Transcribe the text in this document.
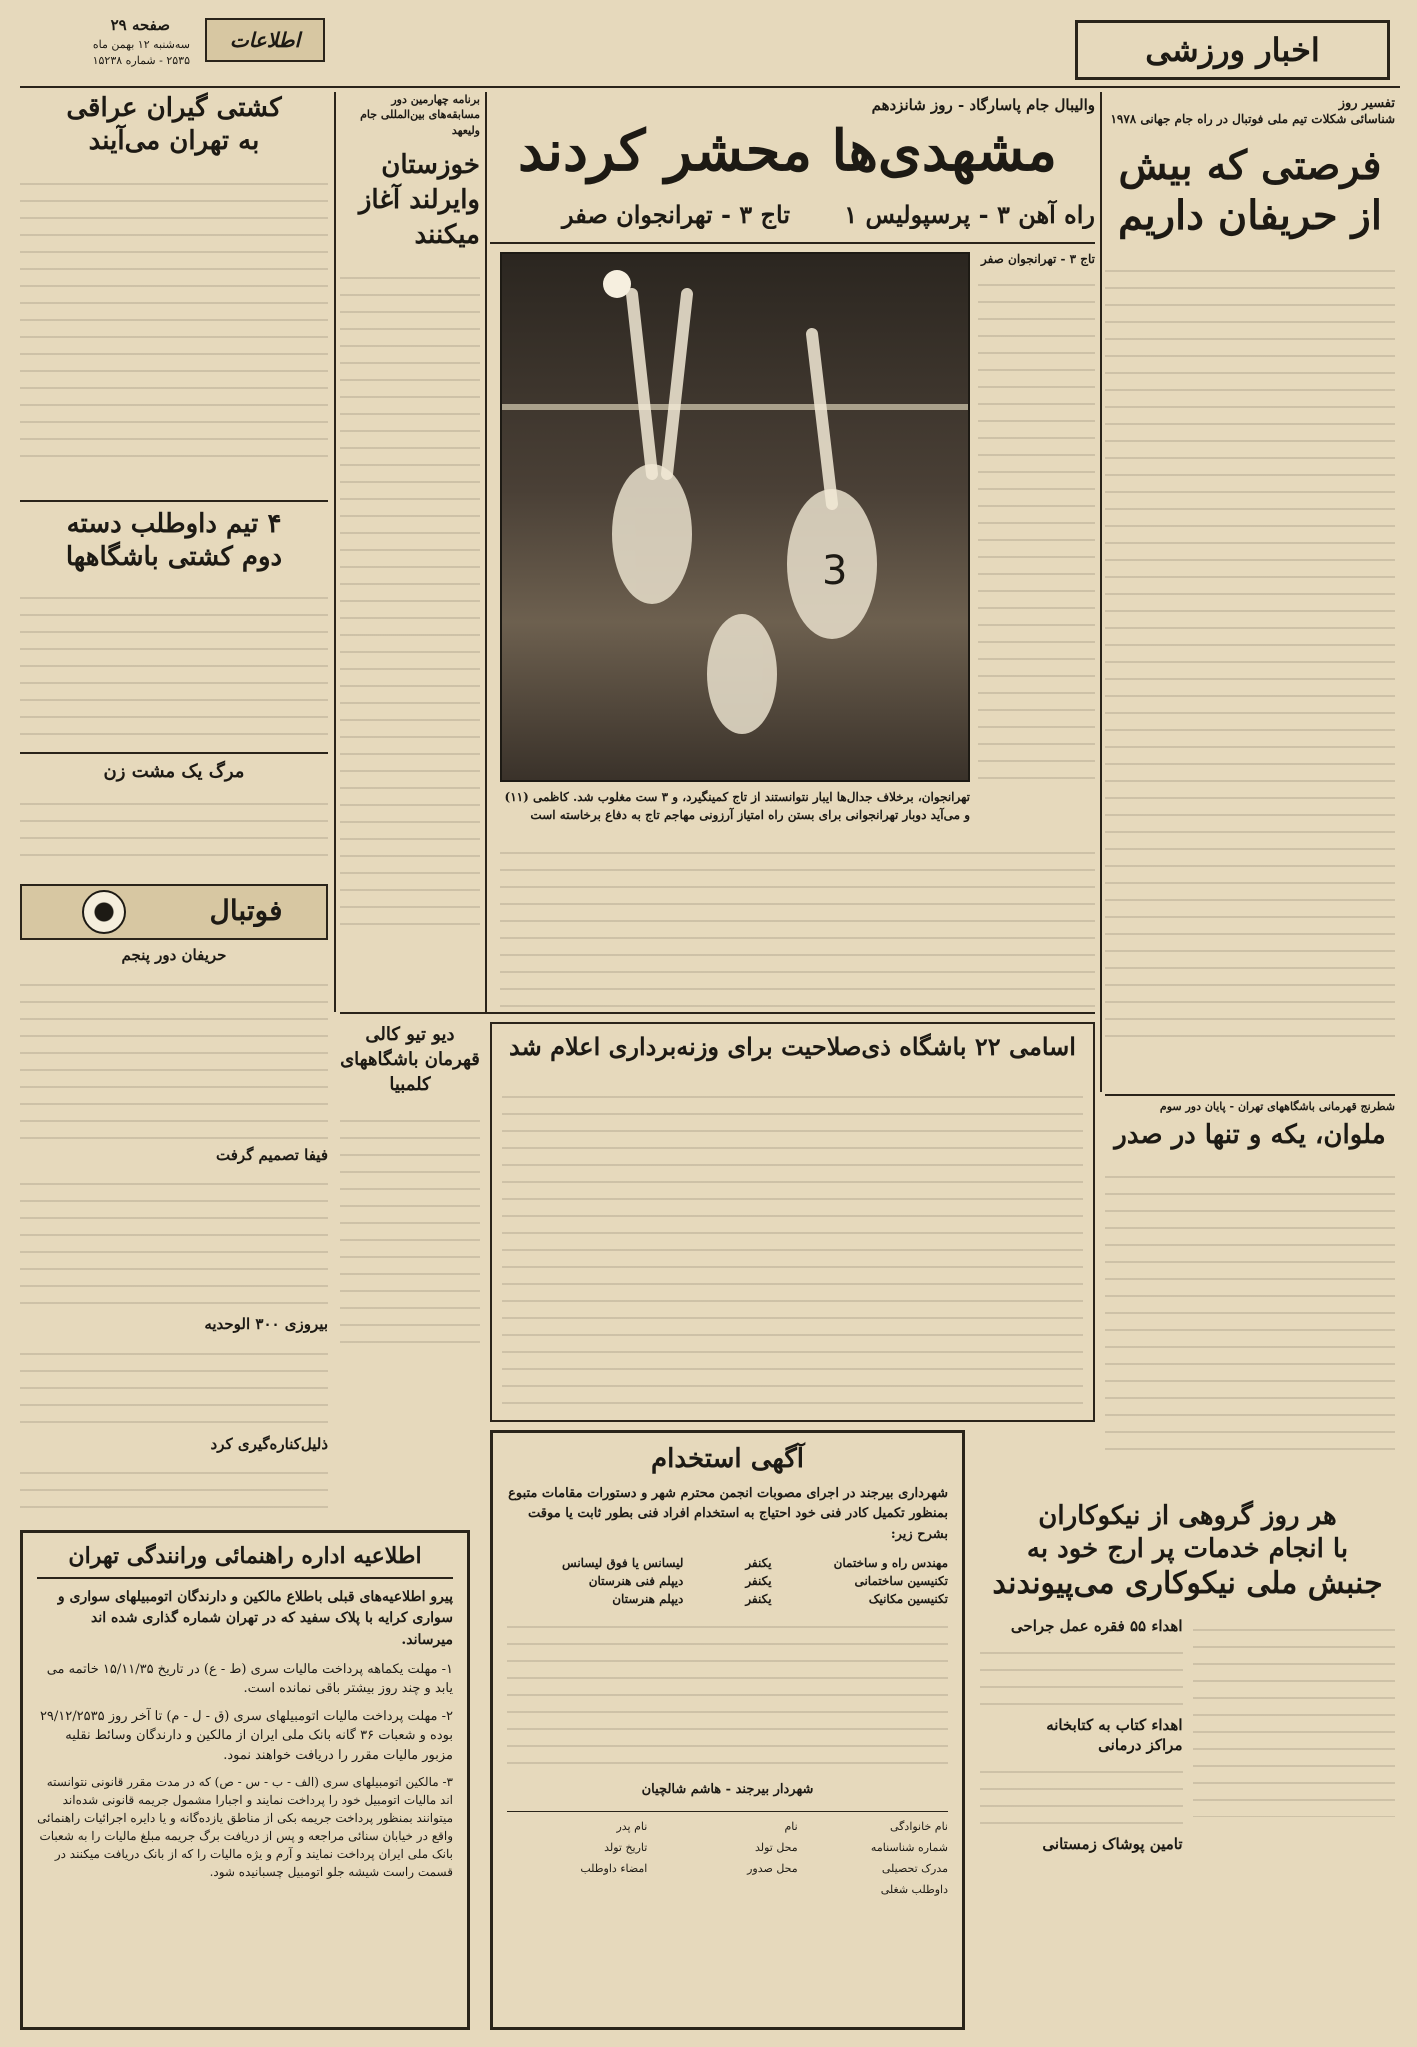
صفحه ۲۹
سه‌شنبه ۱۲ بهمن ماه
۲۵۳۵ - شماره ۱۵۲۳۸
اطلاعات	اخبار ورزشی
تفسیر روز
شناسائی شکلات تیم ملی فوتبال در راه جام جهانی ۱۹۷۸
فرصتی که بیش
از حریفان داریم
والیبال جام پاسارگاد - روز شانزدهم
مشهدی‌ها محشر کردند
راه آهن ۳ - پرسپولیس ۱
تاج ۳ - تهرانجوان صفر
3
تهرانجوان، برخلاف جدال‌ها ایبار نتوانستند از تاج کمینگیرد، و ۳ ست مغلوب شد. کاظمی (۱۱) و می‌آید دوبار تهرانجوانی برای بستن راه امتیاز آرزونی مهاجم تاج به دفاع برخاسته است
تاج ۳ - تهرانجوان صفر
برنامه چهارمین دور مسابقه‌های بین‌المللی جام ولیعهد
خوزستان وایرلند آغاز میکنند
کشتی گیران عراقی
به تهران می‌آیند
۴ تیم داوطلب دسته
دوم کشتی باشگاهها
مرگ یک مشت زن
فوتبال
حریفان دور پنجم
فیفا تصمیم گرفت
بیروزی ۳۰۰ الوحدیه
ذلیل‌کناره‌گیری کرد
اسامی ۲۲ باشگاه ذی‌صلاحیت برای وزنه‌برداری اعلام شد
دیو تیو کالی قهرمان باشگاههای کلمبیا
شطرنج قهرمانی باشگاههای تهران - پایان دور سوم
ملوان، یکه و تنها در صدر
اطلاعیه اداره راهنمائی ورانندگی تهران
پیرو اطلاعیه‌های قبلی باطلاع مالکین و دارندگان اتومبیلهای سواری و سواری کرایه با پلاک سفید که در تهران شماره گذاری شده اند میرساند.
۱- مهلت یکماهه پرداخت مالیات سری (ط - ع) در تاریخ ۱۵/۱۱/۳۵ خاتمه می یابد و چند روز بیشتر باقی نمانده است.
۲- مهلت پرداخت مالیات اتومبیلهای سری (ق - ل - م) تا آخر روز ۲۹/۱۲/۲۵۳۵ بوده و شعبات ۳۶ گانه بانک ملی ایران از مالکین و دارندگان وسائط نقلیه مزبور مالیات مقرر را دریافت خواهند نمود.
۳- مالکین اتومبیلهای سری (الف - ب - س - ص) که در مدت مقرر قانونی نتوانسته اند مالیات اتومبیل خود را پرداخت نمایند و اجبارا مشمول جریمه قانونی شده‌اند میتوانند بمنظور پرداخت جریمه بکی از مناطق یازده‌گانه و یا دایره اجرائیات راهنمائی واقع در خیابان سنائی مراجعه و پس از دریافت برگ جریمه مبلغ مالیات را به شعبات بانک ملی ایران پرداخت نمایند و آرم و یژه مالیات را که از بانک دریافت میکنند در قسمت راست شیشه جلو اتومبیل چسبانیده شود.
آگهی استخدام
شهرداری بیرجند در اجرای مصوبات انجمن محترم شهر و دستورات مقامات متبوع بمنظور تکمیل کادر فنی خود احتیاج به استخدام افراد فنی بطور ثابت یا موقت بشرح زیر:
مهندس راه و ساختمان
یکنفر
لیسانس یا فوق لیسانس
تکنیسین ساختمانی
یکنفر
دیپلم فنی هنرستان
تکنیسین مکانیک
یکنفر
دیپلم هنرستان
شهردار بیرجند - هاشم شالچیان
نام خانوادگی
نام
نام پدر
شماره شناسنامه
محل تولد
تاریخ تولد
مدرک تحصیلی
محل صدور
امضاء داوطلب
داوطلب شغلی
هر روز گروهی از نیکوکاران
با انجام خدمات پر ارج خود به
جنبش ملی نیکوکاری می‌پیوندند
اهداء ۵۵ فقره عمل جراحی
اهداء کتاب به کتابخانه
مراکز درمانی
تامین پوشاک زمستانی
